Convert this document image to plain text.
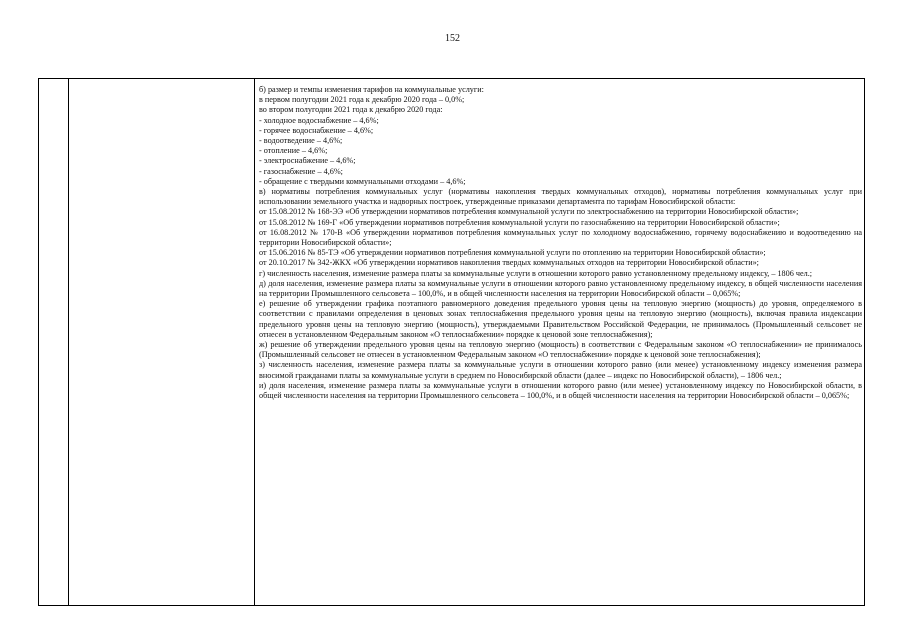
152

б) размер и темпы изменения тарифов на коммунальные услуги:

в первом полугодии 2021 года к декабрю 2020 года – 0,0%;

во втором полугодии 2021 года к декабрю 2020 года:

- холодное водоснабжение – 4,6%;

- горячее водоснабжение – 4,6%;

- водоотведение – 4,6%;

- отопление – 4,6%;

- электроснабжение – 4,6%;

- газоснабжение – 4,6%;

- обращение с твердыми коммунальными отходами – 4,6%;

в) нормативы потребления коммунальных услуг (нормативы накопления твердых коммунальных отходов), нормативы потребления коммунальных услуг при использовании земельного участка и надворных построек, утвержденные приказами департамента по тарифам Новосибирской области:

от 15.08.2012 № 168-ЭЭ «Об утверждении нормативов потребления коммунальной услуги по электроснабжению на территории Новосибирской области»;

от 15.08.2012 № 169-Г «Об утверждении нормативов потребления коммунальной услуги по газоснабжению на территории Новосибирской области»;

от 16.08.2012 № 170-В «Об утверждении нормативов потребления коммунальных услуг по холодному водоснабжению, горячему водоснабжению и водоотведению на территории Новосибирской области»;

от 15.06.2016 № 85-ТЭ «Об утверждении нормативов потребления коммунальной услуги по отоплению на территории Новосибирской области»;

от 20.10.2017 № 342-ЖКХ «Об утверждении нормативов накопления твердых коммунальных отходов на территории Новосибирской области»;

г) численность населения, изменение размера платы за коммунальные услуги в отношении которого равно установленному предельному индексу, – 1806 чел.;

д) доля населения, изменение размера платы за коммунальные услуги в отношении которого равно установленному предельному индексу, в общей численности населения на территории Промышленного сельсовета – 100,0%, и в общей численности населения на территории Новосибирской области – 0,065%;

е) решение об утверждении графика поэтапного равномерного доведения предельного уровня цены на тепловую энергию (мощность) до уровня, определяемого в соответствии с правилами определения в ценовых зонах теплоснабжения предельного уровня цены на тепловую энергию (мощность), включая правила индексации предельного уровня цены на тепловую энергию (мощность), утверждаемыми Правительством Российской Федерации, не принималось (Промышленный сельсовет не отнесен в установленном Федеральным законом «О теплоснабжении» порядке к ценовой зоне теплоснабжения);

ж) решение об утверждении предельного уровня цены на тепловую энергию (мощность) в соответствии с Федеральным законом «О теплоснабжении» не принималось (Промышленный сельсовет не отнесен в установленном Федеральным законом «О теплоснабжении» порядке к ценовой зоне теплоснабжения);

з) численность населения, изменение размера платы за коммунальные услуги в отношении которого равно (или менее) установленному индексу изменения размера вносимой гражданами платы за коммунальные услуги в среднем по Новосибирской области (далее – индекс по Новосибирской области), – 1806 чел.;

и) доля населения, изменение размера платы за коммунальные услуги в отношении которого равно (или менее) установленному индексу по Новосибирской области, в общей численности населения на территории Промышленного сельсовета – 100,0%, и в общей численности населения на территории Новосибирской области – 0,065%;
